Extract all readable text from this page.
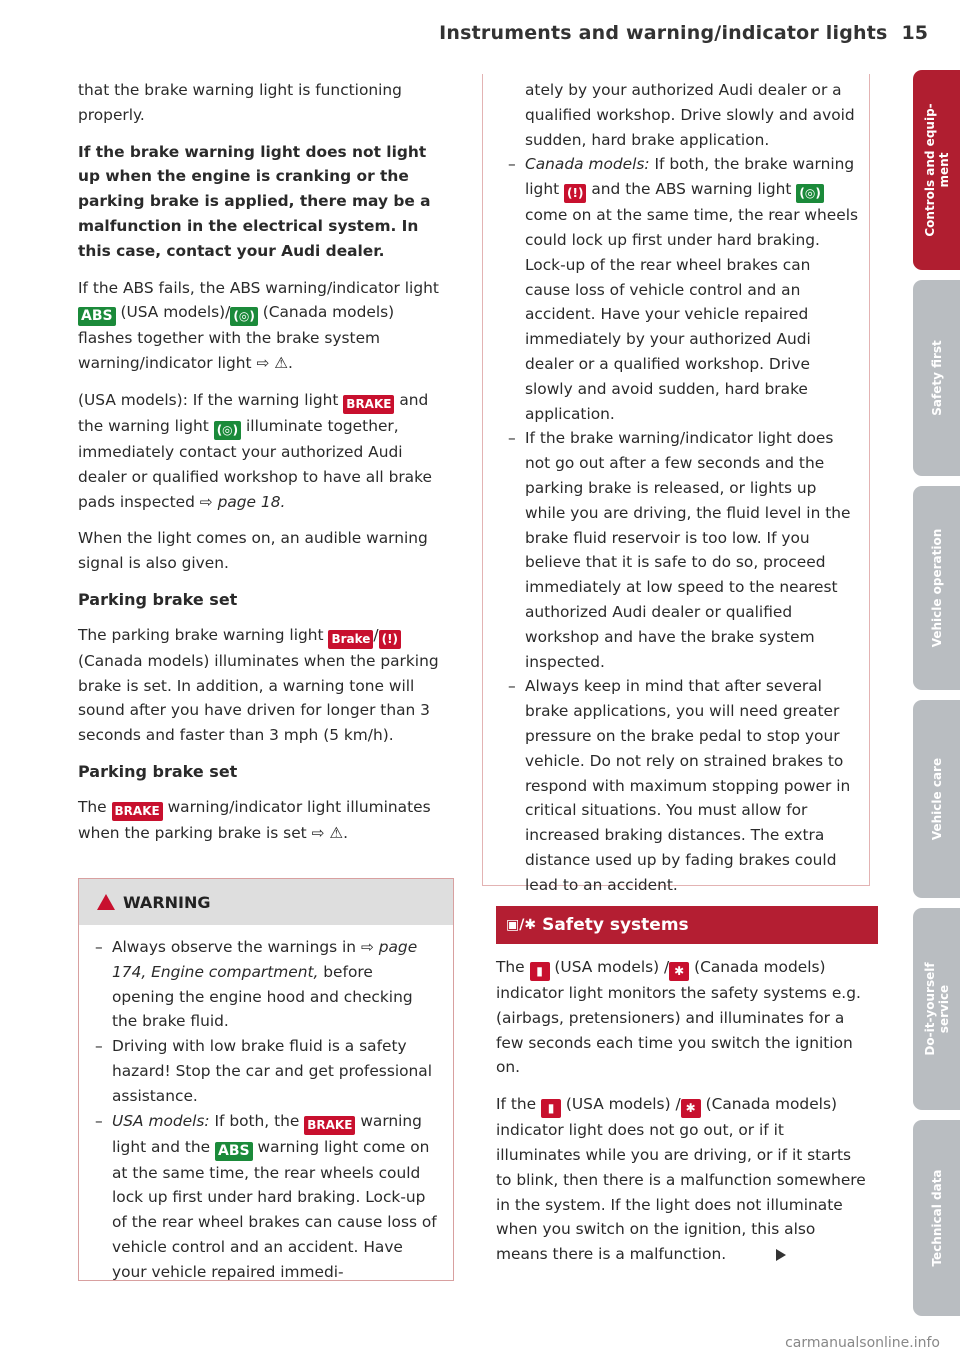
Instruments and warning/indicator lights 15

that the brake warning light is functioning properly.

If the brake warning light does not light up when the engine is cranking or the parking brake is applied, there may be a malfunction in the electrical system. In this case, contact your Audi dealer.

If the ABS fails, the ABS warning/indicator light ABS (USA models)/ (◎) (Canada models) flashes together with the brake system warning/indicator light ⇨ ⚠.

(USA models): If the warning light BRAKE and the warning light (◎) illuminate together, immediately contact your authorized Audi dealer or qualified workshop to have all brake pads inspected ⇨ page 18.

When the light comes on, an audible warning signal is also given.

Parking brake set

The parking brake warning light Brake / (!) (Canada models) illuminates when the parking brake is set. In addition, a warning tone will sound after you have driven for longer than 3 seconds and faster than 3 mph (5 km/h).

Parking brake set

The BRAKE warning/indicator light illuminates when the parking brake is set ⇨ ⚠.

WARNING
– Always observe the warnings in ⇨ page 174, Engine compartment, before opening the engine hood and checking the brake fluid.
– Driving with low brake fluid is a safety hazard! Stop the car and get professional assistance.
– USA models: If both, the BRAKE warning light and the ABS warning light come on at the same time, the rear wheels could lock up first under hard braking. Lock-up of the rear wheel brakes can cause loss of vehicle control and an accident. Have your vehicle repaired immedi-
ately by your authorized Audi dealer or a qualified workshop. Drive slowly and avoid sudden, hard brake application.
– Canada models: If both, the brake warning light (!) and the ABS warning light (◎) come on at the same time, the rear wheels could lock up first under hard braking. Lock-up of the rear wheel brakes can cause loss of vehicle control and an accident. Have your vehicle repaired immediately by your authorized Audi dealer or a qualified workshop. Drive slowly and avoid sudden, hard brake application.
– If the brake warning/indicator light does not go out after a few seconds and the parking brake is released, or lights up while you are driving, the fluid level in the brake fluid reservoir is too low. If you believe that it is safe to do so, proceed immediately at low speed to the nearest authorized Audi dealer or qualified workshop and have the brake system inspected.
– Always keep in mind that after several brake applications, you will need greater pressure on the brake pedal to stop your vehicle. Do not rely on strained brakes to respond with maximum stopping power in critical situations. You must allow for increased braking distances. The extra distance used up by fading brakes could lead to an accident.
▣/✱ Safety systems

The ▮ (USA models) / ✱ (Canada models) indicator light monitors the safety systems e.g. (airbags, pretensioners) and illuminates for a few seconds each time you switch the ignition on.

If the ▮ (USA models) / ✱ (Canada models) indicator light does not go out, or if it illuminates while you are driving, or if it starts to blink, then there is a malfunction somewhere in the system. If the light does not illuminate when you switch on the ignition, this also means there is a malfunction.

Controls and equip-
ment
Safety first
Vehicle operation
Vehicle care
Do-it-yourself
service
Technical data
carmanualsonline.info
